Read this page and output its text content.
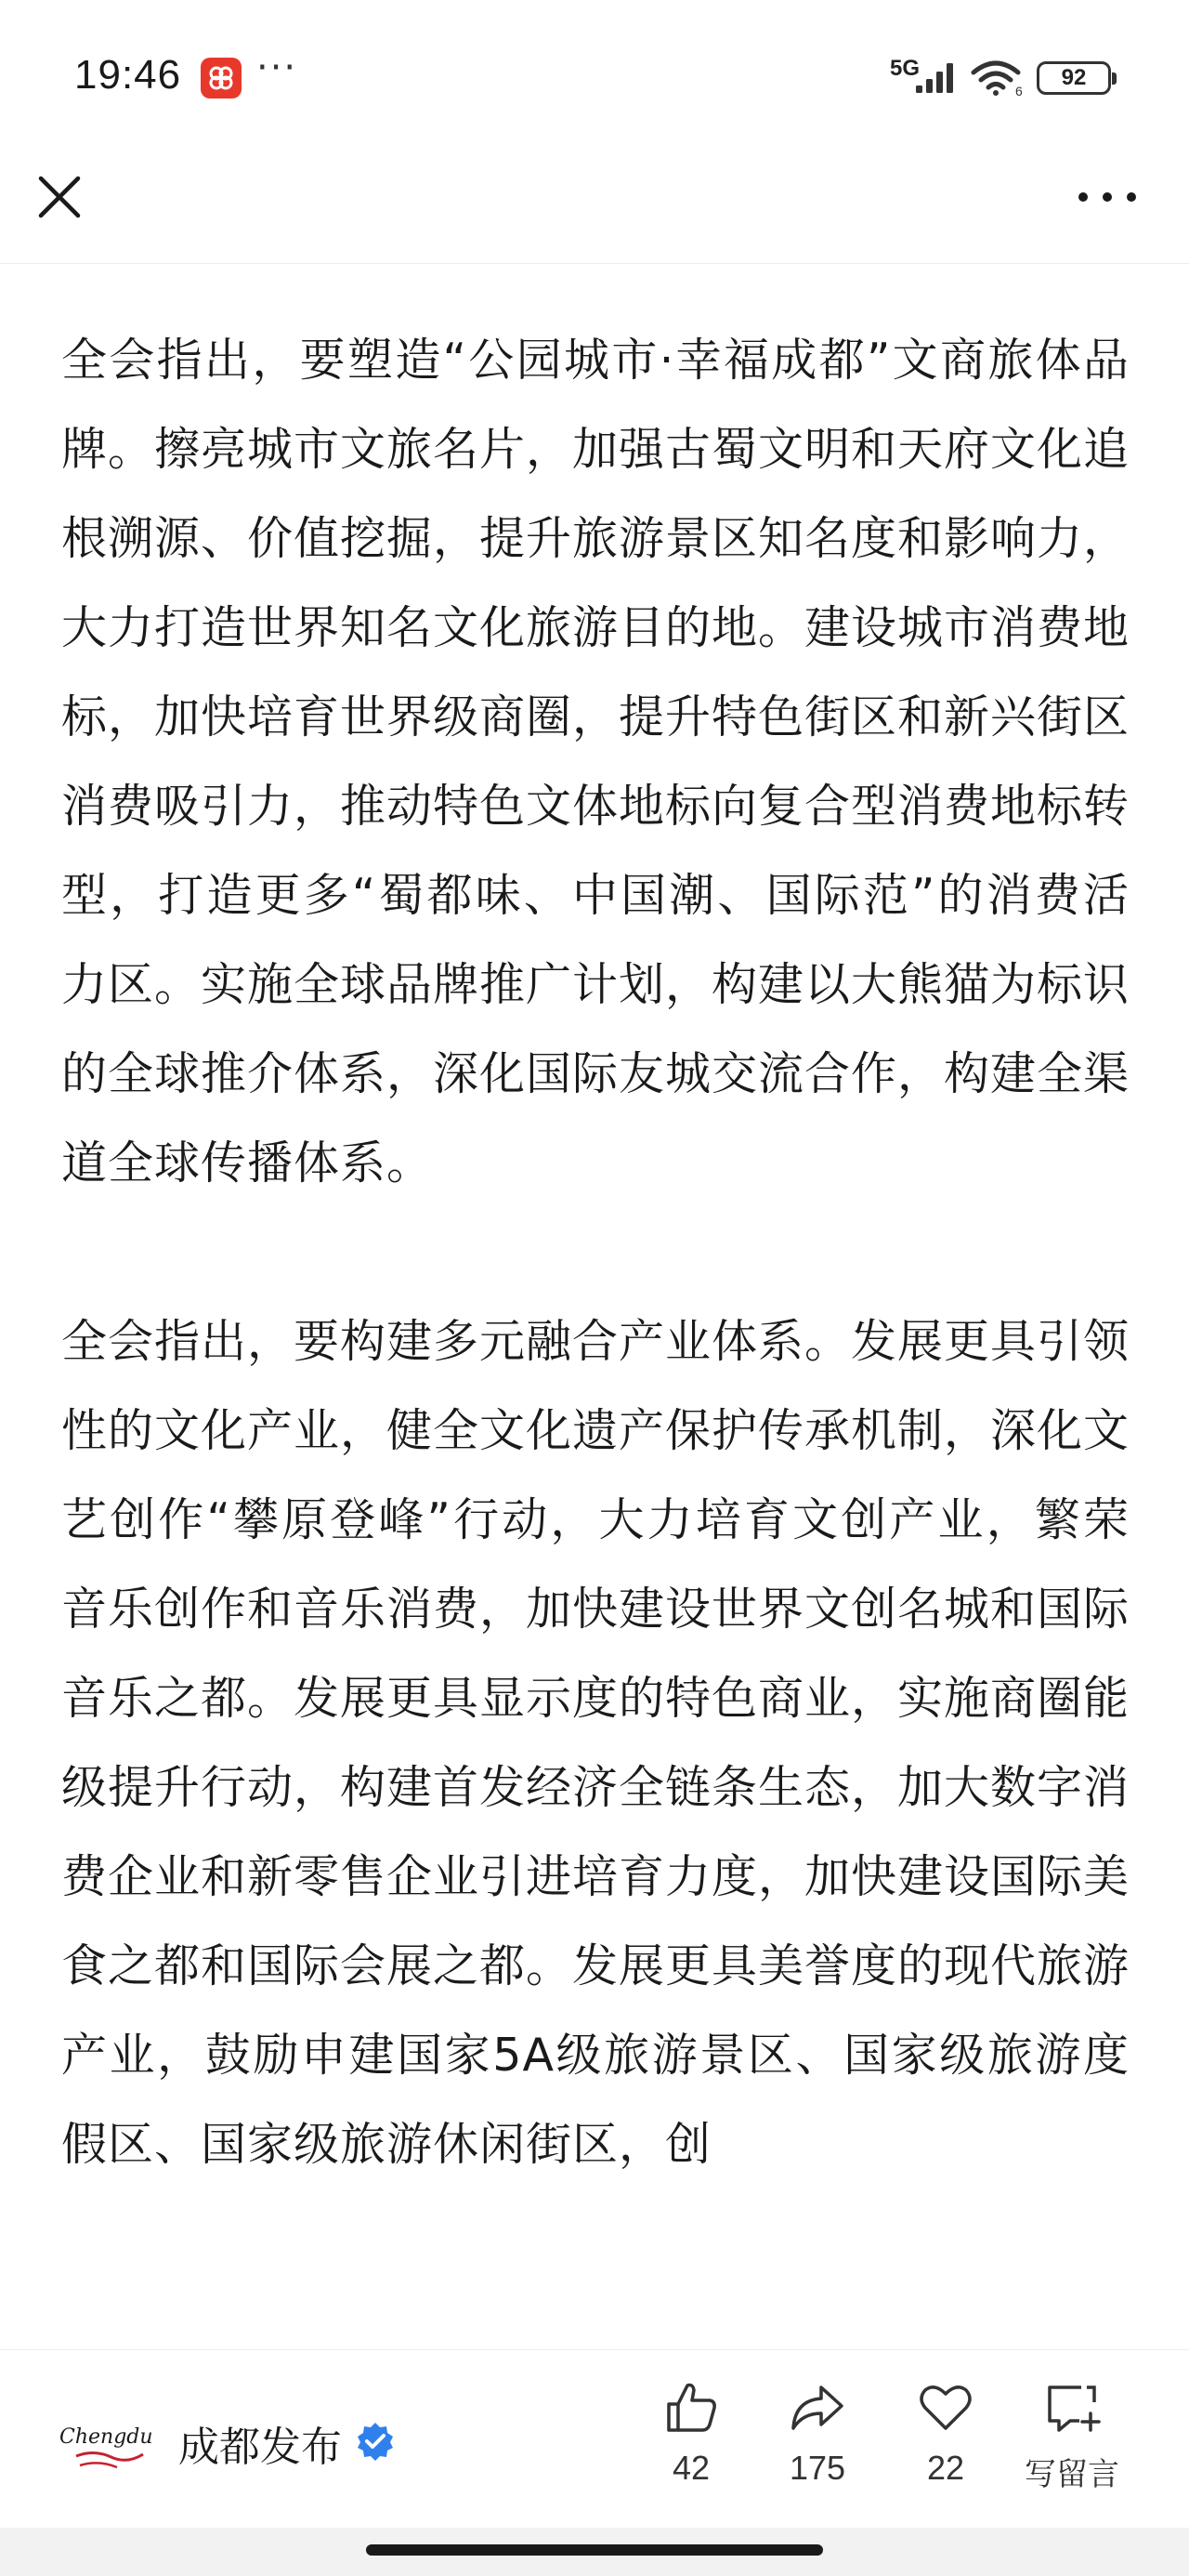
19:46 ···	5G
6
92

全会指出，要塑造“公园城市·幸福成都”文商旅体品牌。擦亮城市文旅名片，加强古蜀文明和天府文化追根溯源、价值挖掘，提升旅游景区知名度和影响力，大力打造世界知名文化旅游目的地。建设城市消费地标，加快培育世界级商圈，提升特色街区和新兴街区消费吸引力，推动特色文体地标向复合型消费地标转型，打造更多“蜀都味、中国潮、国际范”的消费活力区。实施全球品牌推广计划，构建以大熊猫为标识的全球推介体系，深化国际友城交流合作，构建全渠道全球传播体系。

全会指出，要构建多元融合产业体系。发展更具引领性的文化产业，健全文化遗产保护传承机制，深化文艺创作“攀原登峰”行动，大力培育文创产业，繁荣音乐创作和音乐消费，加快建设世界文创名城和国际音乐之都。发展更具显示度的特色商业，实施商圈能级提升行动，构建首发经济全链条生态，加大数字消费企业和新零售企业引进培育力度，加快建设国际美食之都和国际会展之都。发展更具美誉度的现代旅游产业，鼓励申建国家5A级旅游景区、国家级旅游度假区、国家级旅游休闲街区，创

Chengdu 成都发布	42	175	22	写留言
